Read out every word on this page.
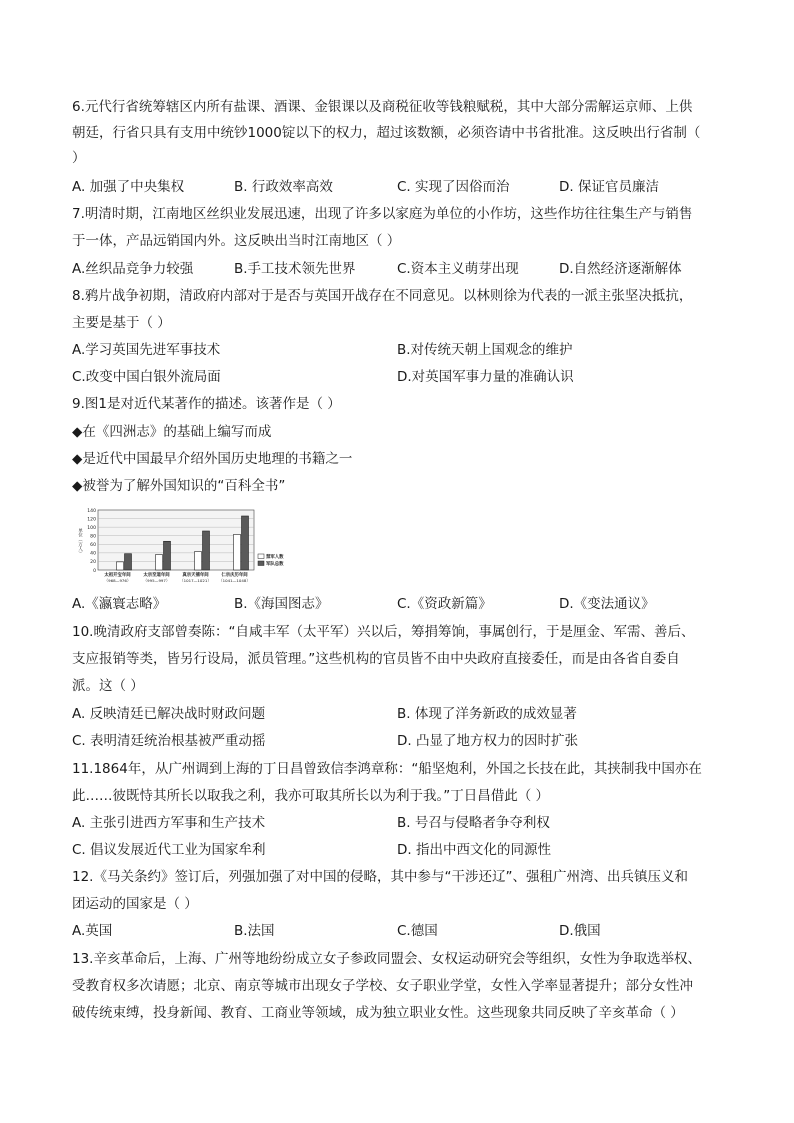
6.元代行省统筹辖区内所有盐课、酒课、金银课以及商税征收等钱粮赋税，其中大部分需解运京师、上供
朝廷，行省只具有支用中统钞1000锭以下的权力，超过该数额，必须咨请中书省批准。这反映出行省制（
）
A. 加强了中央集权	B. 行政效率高效	C. 实现了因俗而治	D. 保证官员廉洁
7.明清时期，江南地区丝织业发展迅速，出现了许多以家庭为单位的小作坊，这些作坊往往集生产与销售
于一体，产品远销国内外。这反映出当时江南地区（ ）
A.丝织品竞争力较强	B.手工技术领先世界	C.资本主义萌芽出现	D.自然经济逐渐解体
8.鸦片战争初期，清政府内部对于是否与英国开战存在不同意见。以林则徐为代表的一派主张坚决抵抗，
主要是基于（ ）
A.学习英国先进军事技术	B.对传统天朝上国观念的维护
C.改变中国白银外流局面	D.对英国军事力量的准确认识
9.图1是对近代某著作的描述。该著作是（ ）
◆在《四洲志》的基础上编写而成
◆是近代中国最早介绍外国历史地理的书籍之一
◆被誉为了解外国知识的“百科全书”
0
20
40
60
80
100
120
140
单位（万人）
太祖开宝年间
（968—976）
太宗至道年间
（995—997）
真宗天禧年间
（1017—1021）
仁宗庆历年间
（1041—1048）
禁军人数
军队总数
A.《瀛寰志略》	B.《海国图志》	C.《资政新篇》	D.《变法通议》
10.晚清政府支部曾奏陈：“自咸丰军（太平军）兴以后，筹捐筹饷，事属创行，于是厘金、军需、善后、
支应报销等类，皆另行设局，派员管理。”这些机构的官员皆不由中央政府直接委任，而是由各省自委自
派。这（ ）
A. 反映清廷已解决战时财政问题	B. 体现了洋务新政的成效显著
C. 表明清廷统治根基被严重动摇	D. 凸显了地方权力的因时扩张
11.1864年，从广州调到上海的丁日昌曾致信李鸿章称：“船坚炮利，外国之长技在此，其挟制我中国亦在
此……彼既恃其所长以取我之利，我亦可取其所长以为利于我。”丁日昌借此（ ）
A. 主张引进西方军事和生产技术	B. 号召与侵略者争夺利权
C. 倡议发展近代工业为国家牟利	D. 指出中西文化的同源性
12.《马关条约》签订后，列强加强了对中国的侵略，其中参与“干涉还辽”、强租广州湾、出兵镇压义和
团运动的国家是（ ）
A.英国	B.法国	C.德国	D.俄国
13.辛亥革命后，上海、广州等地纷纷成立女子参政同盟会、女权运动研究会等组织，女性为争取选举权、
受教育权多次请愿；北京、南京等城市出现女子学校、女子职业学堂，女性入学率显著提升；部分女性冲
破传统束缚，投身新闻、教育、工商业等领域，成为独立职业女性。这些现象共同反映了辛亥革命（ ）
